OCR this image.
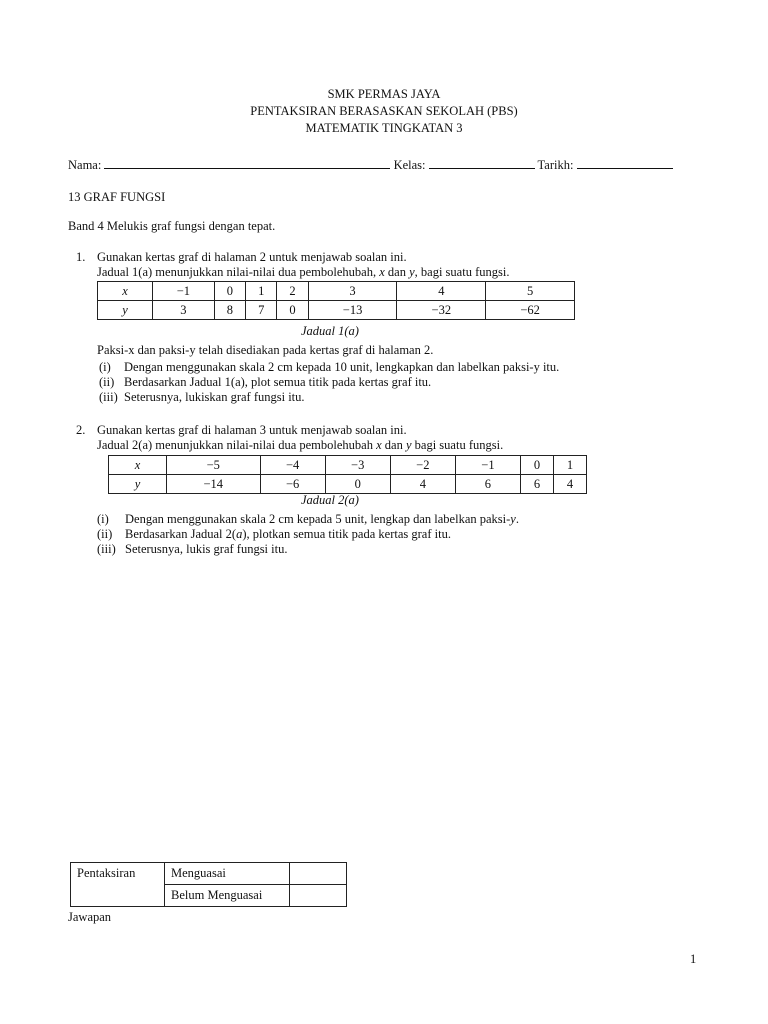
SMK PERMAS JAYA
PENTAKSIRAN BERASASKAN SEKOLAH (PBS)
MATEMATIK TINGKATAN 3
Nama:	Kelas:	Tarikh:
13 GRAF FUNGSI
Band 4 Melukis graf fungsi dengan tepat.
1. Gunakan kertas graf di halaman 2 untuk menjawab soalan ini.
Jadual 1(a) menunjukkan nilai-nilai dua pembolehubah, x dan y, bagi suatu fungsi.
x	−1	0	1	2	3	4	5
y	3	8	7	0	−13	−32	−62
Jadual 1(a)
Paksi-x dan paksi-y telah disediakan pada kertas graf di halaman 2.
(i) Dengan menggunakan skala 2 cm kepada 10 unit, lengkapkan dan labelkan paksi-y itu.
(ii) Berdasarkan Jadual 1(a), plot semua titik pada kertas graf itu.
(iii) Seterusnya, lukiskan graf fungsi itu.
2. Gunakan kertas graf di halaman 3 untuk menjawab soalan ini.
Jadual 2(a) menunjukkan nilai-nilai dua pembolehubah x dan y bagi suatu fungsi.
x	−5	−4	−3	−2	−1	0	1
y	−14	−6	0	4	6	6	4
Jadual 2(a)
(i) Dengan menggunakan skala 2 cm kepada 5 unit, lengkap dan labelkan paksi-y.
(ii) Berdasarkan Jadual 2(a), plotkan semua titik pada kertas graf itu.
(iii) Seterusnya, lukis graf fungsi itu.
Pentaksiran	Menguasai	
	Belum Menguasai	
Jawapan
1
